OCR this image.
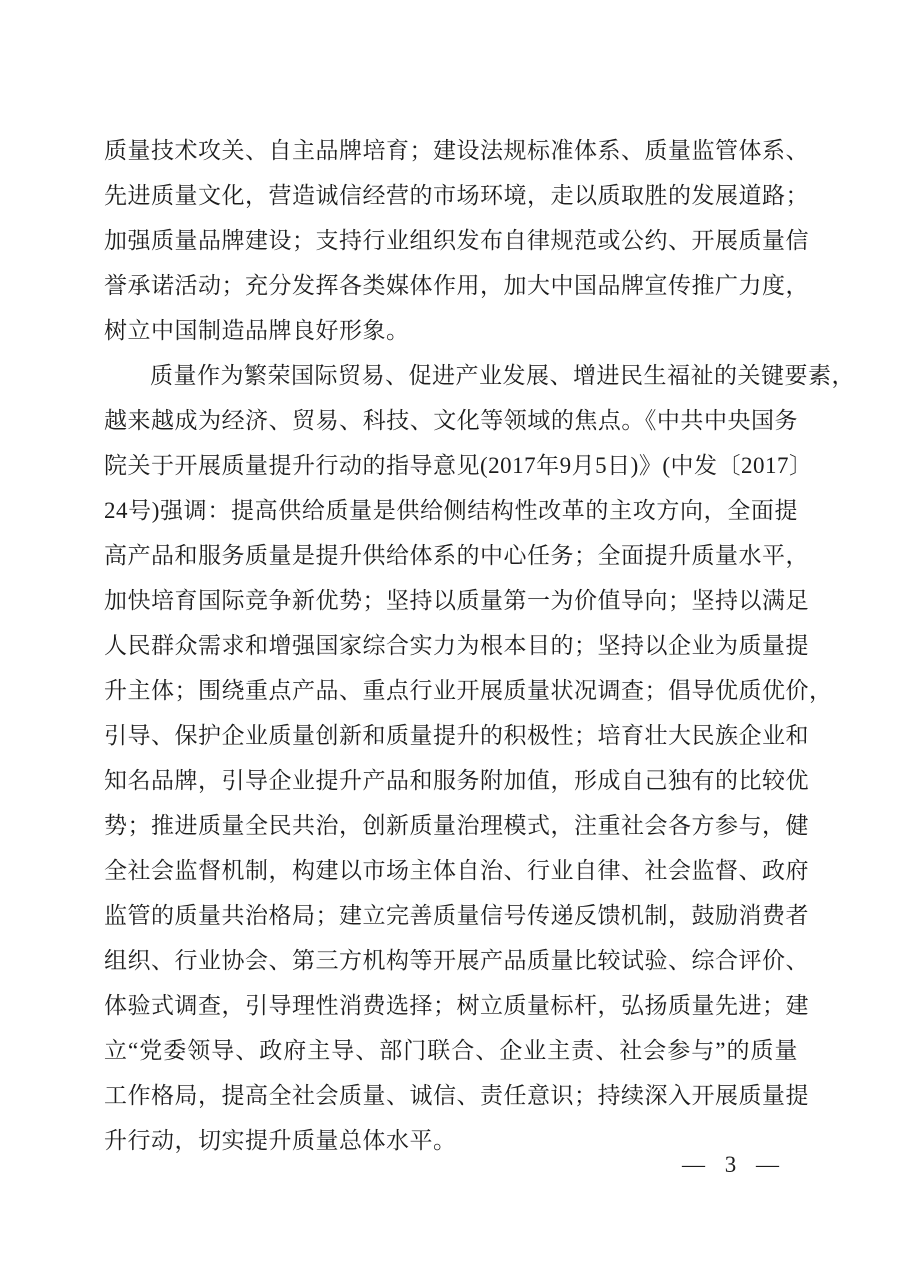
质量技术攻关、自主品牌培育；建设法规标准体系、质量监管体系、
先进质量文化，营造诚信经营的市场环境，走以质取胜的发展道路；
加强质量品牌建设；支持行业组织发布自律规范或公约、开展质量信
誉承诺活动；充分发挥各类媒体作用，加大中国品牌宣传推广力度，
树立中国制造品牌良好形象。
质量作为繁荣国际贸易、促进产业发展、增进民生福祉的关键要素，
越来越成为经济、贸易、科技、文化等领域的焦点。《中共中央国务
院关于开展质量提升行动的指导意见(2017年9月5日)》(中发〔2017〕
24号)强调：提高供给质量是供给侧结构性改革的主攻方向，全面提
高产品和服务质量是提升供给体系的中心任务；全面提升质量水平，
加快培育国际竞争新优势；坚持以质量第一为价值导向；坚持以满足
人民群众需求和增强国家综合实力为根本目的；坚持以企业为质量提
升主体；围绕重点产品、重点行业开展质量状况调查；倡导优质优价，
引导、保护企业质量创新和质量提升的积极性；培育壮大民族企业和
知名品牌，引导企业提升产品和服务附加值，形成自己独有的比较优
势；推进质量全民共治，创新质量治理模式，注重社会各方参与，健
全社会监督机制，构建以市场主体自治、行业自律、社会监督、政府
监管的质量共治格局；建立完善质量信号传递反馈机制，鼓励消费者
组织、行业协会、第三方机构等开展产品质量比较试验、综合评价、
体验式调查，引导理性消费选择；树立质量标杆，弘扬质量先进；建
立“党委领导、政府主导、部门联合、企业主责、社会参与”的质量
工作格局，提高全社会质量、诚信、责任意识；持续深入开展质量提
升行动，切实提升质量总体水平。
— 3 —
